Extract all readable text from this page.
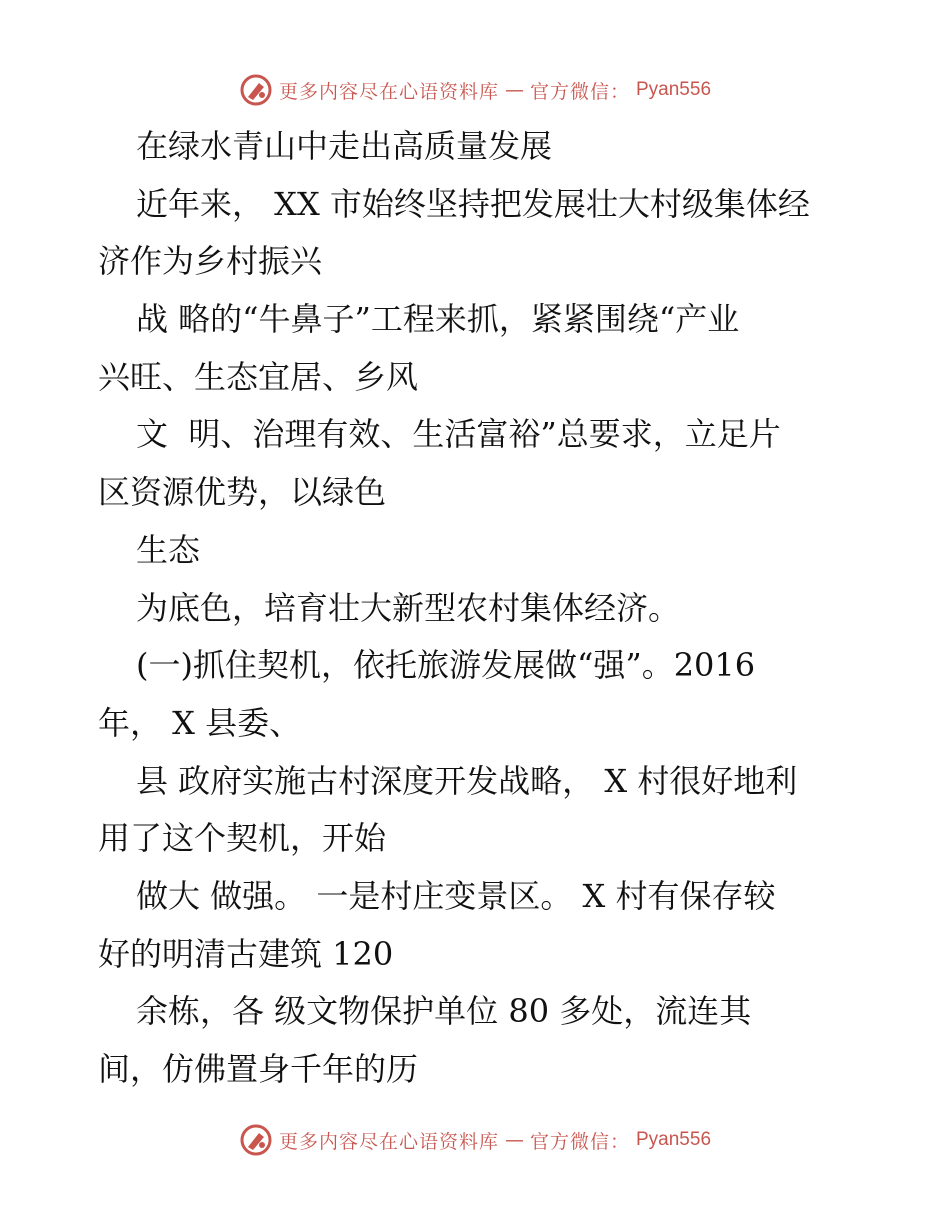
更多内容尽在心语资料库 — 官方微信： Pyan556
在绿水青山中走出高质量发展
近年来， XX 市始终坚持把发展壮大村级集体经
济作为乡村振兴
战 略的“牛鼻子”工程来抓，紧紧围绕“产业
兴旺、生态宜居、乡风
文  明、治理有效、生活富裕”总要求，立足片
区资源优势，以绿色
生态
为底色，培育壮大新型农村集体经济。
(一)抓住契机，依托旅游发展做“强”。2016
年， X 县委、
县 政府实施古村深度开发战略， X 村很好地利
用了这个契机，开始
做大 做强。 一是村庄变景区。 X 村有保存较
好的明清古建筑 120
余栋，各 级文物保护单位 80 多处，流连其
间，仿佛置身千年的历
更多内容尽在心语资料库 — 官方微信： Pyan556
